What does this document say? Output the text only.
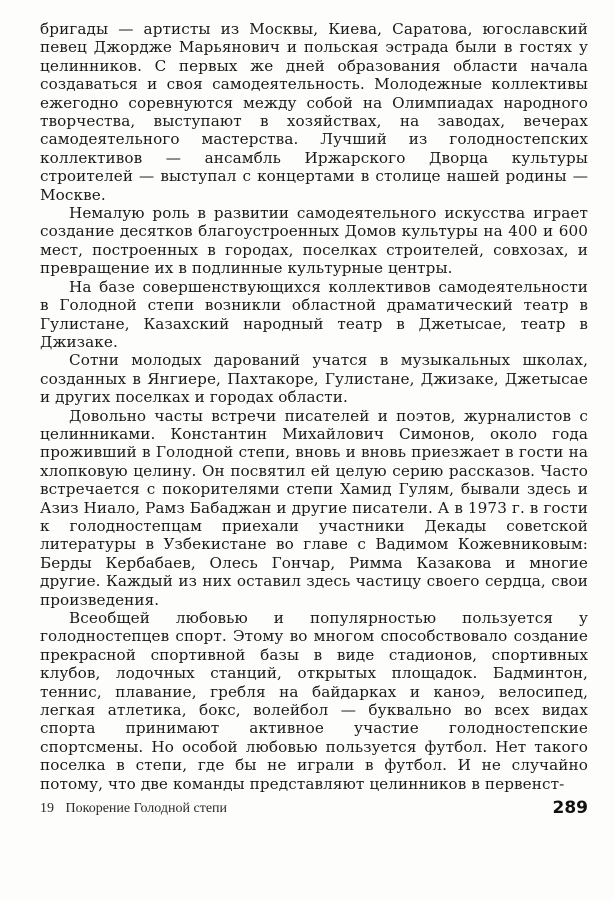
бригады — артисты из Москвы, Киева, Саратова, югославский певец Джордже Марьянович и польская эстрада были в гостях у целинников. С первых же дней образования области начала создаваться и своя самодеятельность. Молодежные коллективы ежегодно соревнуются между собой на Олимпиадах народного творчества, выступают в хозяйствах, на заводах, вечерах самодеятельного мастерства. Лучший из голодностепских коллективов — ансамбль Иржарского Дворца культуры строителей — выступал с концертами в столице нашей родины — Москве.

Немалую роль в развитии самодеятельного искусства играет создание десятков благоустроенных Домов культуры на 400 и 600 мест, построенных в городах, поселках строителей, совхозах, и превращение их в подлинные культурные центры.

На базе совершенствующихся коллективов самодеятельности в Голодной степи возникли областной драматический театр в Гулистане, Казахский народный театр в Джетысае, театр в Джизаке.

Сотни молодых дарований учатся в музыкальных школах, созданных в Янгиере, Пахтакоре, Гулистане, Джизаке, Джетысае и других поселках и городах области.

Довольно часты встречи писателей и поэтов, журналистов с целинниками. Константин Михайлович Симонов, около года проживший в Голодной степи, вновь и вновь приезжает в гости на хлопковую целину. Он посвятил ей целую серию рассказов. Часто встречается с покорителями степи Хамид Гулям, бывали здесь и Азиз Ниало, Рамз Бабаджан и другие писатели. А в 1973 г. в гости к голодностепцам приехали участники Декады советской литературы в Узбекистане во главе с Вадимом Кожевниковым: Берды Кербабаев, Олесь Гончар, Римма Казакова и многие другие. Каждый из них оставил здесь частицу своего сердца, свои произведения.

Всеобщей любовью и популярностью пользуется у голодностепцев спорт. Этому во многом способствовало создание прекрасной спортивной базы в виде стадионов, спортивных клубов, лодочных станций, открытых площадок. Бадминтон, теннис, плавание, гребля на байдарках и каноэ, велосипед, легкая атлетика, бокс, волейбол — буквально во всех видах спорта принимают активное участие голодностепские спортсмены. Но особой любовью пользуется футбол. Нет такого поселка в степи, где бы не играли в футбол. И не случайно потому, что две команды представляют целинников в первенст-

19 Покорение Голодной степи	289
